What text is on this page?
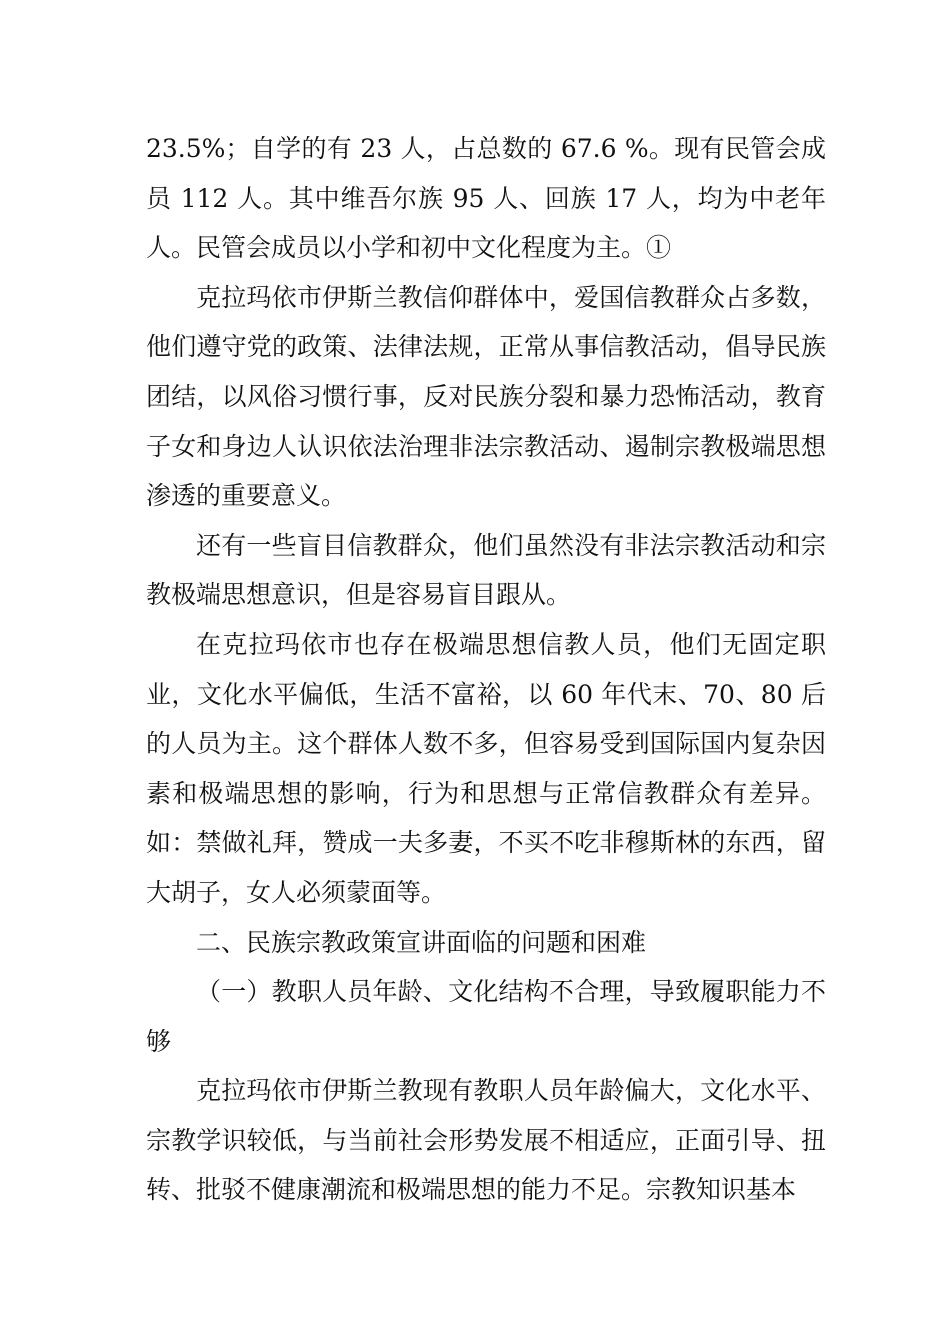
23.5%；自学的有 23 人，占总数的 67.6 %。现有民管会成员 112 人。其中维吾尔族 95 人、回族 17 人，均为中老年人。民管会成员以小学和初中文化程度为主。①

克拉玛依市伊斯兰教信仰群体中，爱国信教群众占多数，他们遵守党的政策、法律法规，正常从事信教活动，倡导民族团结，以风俗习惯行事，反对民族分裂和暴力恐怖活动，教育子女和身边人认识依法治理非法宗教活动、遏制宗教极端思想渗透的重要意义。

还有一些盲目信教群众，他们虽然没有非法宗教活动和宗教极端思想意识，但是容易盲目跟从。

在克拉玛依市也存在极端思想信教人员，他们无固定职业，文化水平偏低，生活不富裕，以 60 年代末、70、80 后的人员为主。这个群体人数不多，但容易受到国际国内复杂因素和极端思想的影响，行为和思想与正常信教群众有差异。如：禁做礼拜，赞成一夫多妻，不买不吃非穆斯林的东西，留大胡子，女人必须蒙面等。

二、民族宗教政策宣讲面临的问题和困难

（一）教职人员年龄、文化结构不合理，导致履职能力不够

克拉玛依市伊斯兰教现有教职人员年龄偏大，文化水平、宗教学识较低，与当前社会形势发展不相适应，正面引导、扭转、批驳不健康潮流和极端思想的能力不足。宗教知识基本
